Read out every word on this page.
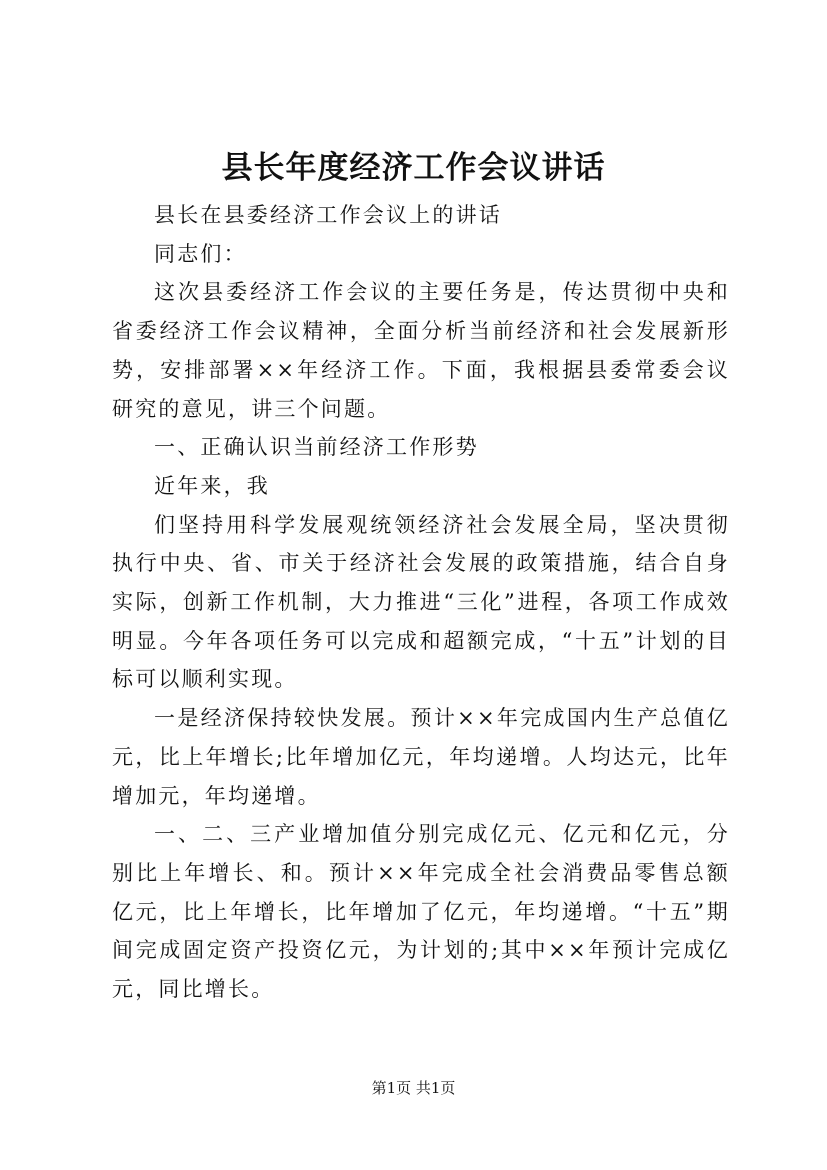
县长年度经济工作会议讲话

县长在县委经济工作会议上的讲话

同志们：

这次县委经济工作会议的主要任务是，传达贯彻中央和省委经济工作会议精神，全面分析当前经济和社会发展新形势，安排部署××年经济工作。下面，我根据县委常委会议研究的意见，讲三个问题。

一、正确认识当前经济工作形势

近年来，我

们坚持用科学发展观统领经济社会发展全局，坚决贯彻执行中央、省、市关于经济社会发展的政策措施，结合自身实际，创新工作机制，大力推进“三化”进程，各项工作成效明显。今年各项任务可以完成和超额完成，“十五”计划的目标可以顺利实现。

一是经济保持较快发展。预计××年完成国内生产总值亿元，比上年增长;比年增加亿元，年均递增。人均达元，比年增加元，年均递增。

一、二、三产业增加值分别完成亿元、亿元和亿元，分别比上年增长、和。预计××年完成全社会消费品零售总额亿元，比上年增长，比年增加了亿元，年均递增。“十五”期间完成固定资产投资亿元，为计划的;其中××年预计完成亿元，同比增长。

第1页 共1页
